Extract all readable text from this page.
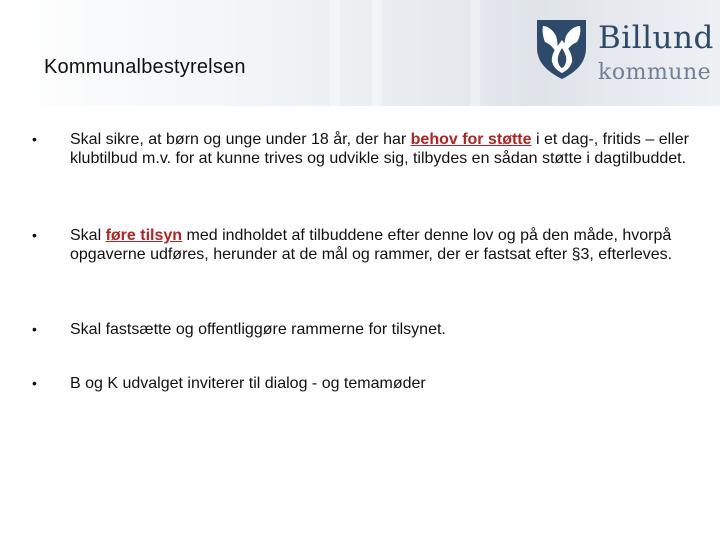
Kommunalbestyrelsen
Billund
kommune
• Skal sikre, at børn og unge under 18 år, der har behov for støtte i et dag-, fritids – eller klubtilbud m.v. for at kunne trives og udvikle sig, tilbydes en sådan støtte i dagtilbuddet.
• Skal føre tilsyn med indholdet af tilbuddene efter denne lov og på den måde, hvorpå opgaverne udføres, herunder at de mål og rammer, der er fastsat efter §3, efterleves.
• Skal fastsætte og offentliggøre rammerne for tilsynet.
• B og K udvalget inviterer til dialog - og temamøder
